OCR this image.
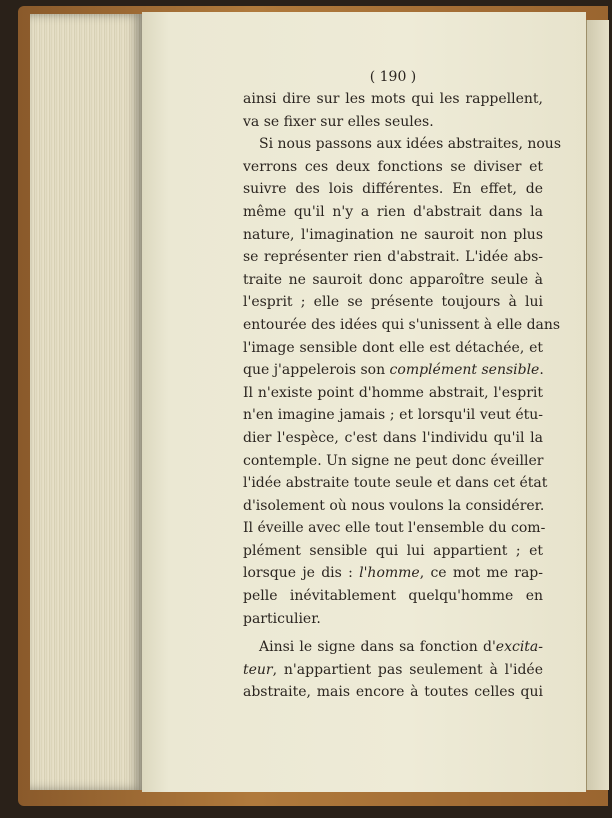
( 190 )
ainsi dire sur les mots qui les rappellent,
va se fixer sur elles seules.
Si nous passons aux idées abstraites, nous
verrons ces deux fonctions se diviser et
suivre des lois différentes. En effet, de
même qu'il n'y a rien d'abstrait dans la
nature, l'imagination ne sauroit non plus
se représenter rien d'abstrait. L'idée abs-
traite ne sauroit donc apparoître seule à
l'esprit ; elle se présente toujours à lui
entourée des idées qui s'unissent à elle dans
l'image sensible dont elle est détachée, et
que j'appelerois son complément sensible.
Il n'existe point d'homme abstrait, l'esprit
n'en imagine jamais ; et lorsqu'il veut étu-
dier l'espèce, c'est dans l'individu qu'il la
contemple. Un signe ne peut donc éveiller
l'idée abstraite toute seule et dans cet état
d'isolement où nous voulons la considérer.
Il éveille avec elle tout l'ensemble du com-
plément sensible qui lui appartient ; et
lorsque je dis : l'homme, ce mot me rap-
pelle inévitablement quelqu'homme en
particulier.
Ainsi le signe dans sa fonction d'excita-
teur, n'appartient pas seulement à l'idée
abstraite, mais encore à toutes celles qui
